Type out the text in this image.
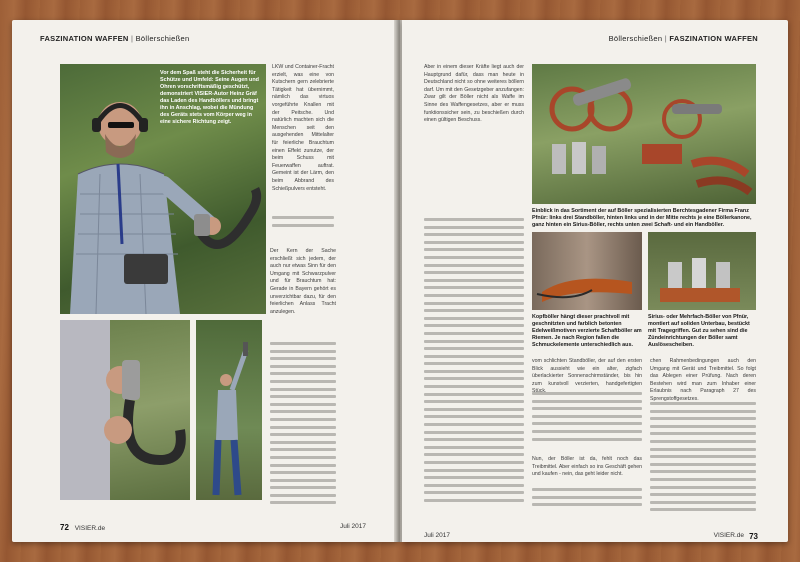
FASZINATION WAFFEN | Böllerschießen
Vor dem Spaß steht die Sicherheit für Schütze und Umfeld: Seine Augen und Ohren vorschriftsmäßig geschützt, demonstriert VISIER-Autor Heinz Gräf das Laden des Handböllers und bringt ihn in Anschlag, wobei die Mündung des Geräts stets vom Körper weg in eine sichere Richtung zeigt.
LKW und Container-Fracht erzielt, was eine von Kutschern gern zelebrierte Tätigkeit hat übernimmt, nämlich das virtuos vorgeführte Knallen mit der Peitsche. Und natürlich machten sich die Menschen seit den ausgehenden Mittelalter für feierliche Brauchtum einen Effekt zunutze, der beim Schuss mit Feuerwaffen auftrat. Gemeint ist der Lärm, den beim Abbrand des Schießpulvers entsteht.
Der Kern der Sache erschließt sich jedem, der auch nur etwas Sinn für den Umgang mit Schwarzpulver und für Brauchtum hat: Gerade in Bayern gehört es unverzichtbar dazu, für den feierlichen Anlass Tracht anzulegen.
72 VISIER.de	Juli 2017
Böllerschießen | FASZINATION WAFFEN
Aber in einem dieser Kräfte liegt auch der Hauptgrund dafür, dass man heute in Deutschland nicht so ohne weiteres böllern darf. Um mit den Gesetzgeber anzufangen: Zwar gilt der Böller nicht als Waffe im Sinne des Waffengesetzes, aber er muss funktionssicher sein, zu beschießen durch einen gültigen Beschuss.
Einblick in das Sortiment der auf Böller spezialisierten Berchtesgadener Firma Franz Pfnür: links drei Standböller, hinten links und in der Mitte rechts je eine Böllerkanone, ganz hinten ein Sirius-Böller, rechts unten zwei Schaft- und ein Handböller.
Kopfböller hängt dieser prachtvoll mit geschnitzten und farblich betonten Edelweißmotiven verzierte Schaftböller am Riemen. Je nach Region fallen die Schmuckelemente unterschiedlich aus.
Sirius- oder Mehrfach-Böller von Pfnür, montiert auf soliden Unterbau, bestückt mit Tragegriffen. Gut zu sehen sind die Zündeinrichtungen der Böller samt Auslösescheiben.
vom schlichten Standböller, der auf den ersten Blick aussieht wie ein alter, zigfach überlackierter Sonnenschirmständer, bis hin zum kunstvoll verzierten, handgefertigten
Nun, der Böller ist da, fehlt noch das Treibmittel. Aber einfach so ins Geschäft gehen und kaufen - nein, das geht leider nicht.
chen Rahmenbedingungen auch den Umgang mit Gerät und Treibmittel. So folgt das Ablegen einer Prüfung. Nach deren Bestehen wird man zum Inhaber einer Erlaubnis nach Paragraph 27 des Sprengstoffgesetzes.
Juli 2017	VISIER.de 73
